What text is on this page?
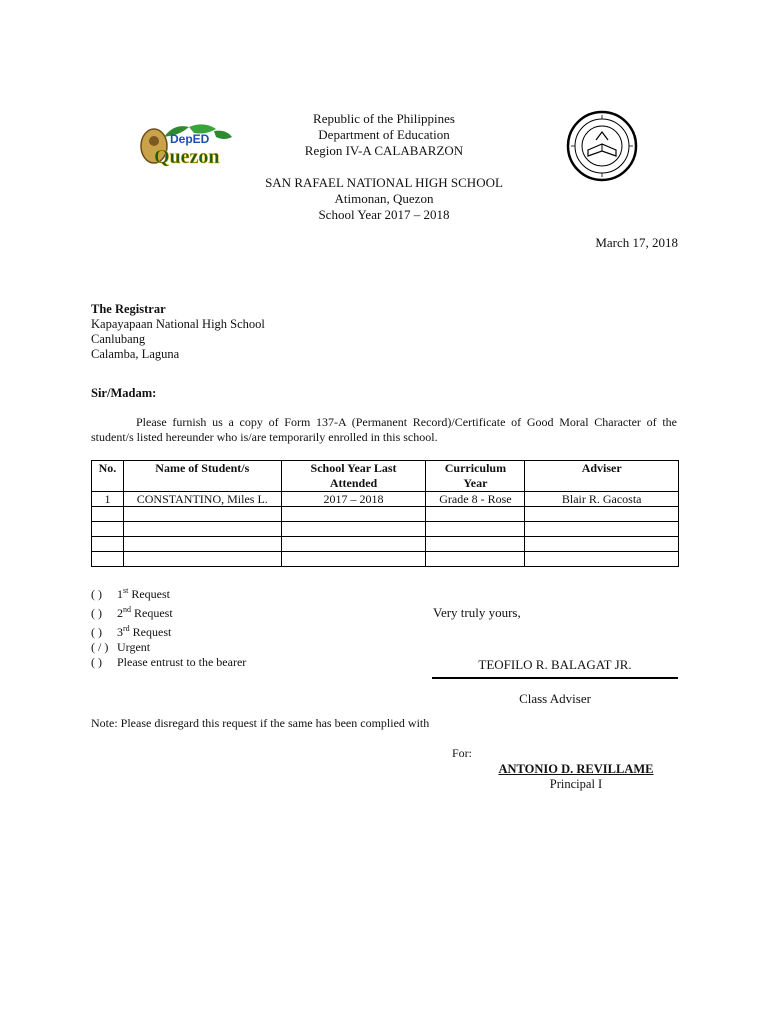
DepED
Quezon
Republic of the Philippines
Department of Education
Region IV-A CALABARZON
SAN RAFAEL NATIONAL HIGH SCHOOL
Atimonan, Quezon
School Year 2017 – 2018
March 17, 2018
The Registrar
Kapayapaan National High School
Canlubang
Calamba, Laguna
Sir/Madam:
Please furnish us a copy of Form 137-A (Permanent Record)/Certificate of Good Moral Character of the student/s listed hereunder who is/are temporarily enrolled in this school.
No.	Name of Student/s	School Year Last Attended	Curriculum Year	Adviser
1	CONSTANTINO, Miles L.	2017 – 2018	Grade 8 - Rose	Blair R. Gacosta

( ) 1st Request
( ) 2nd Request
( ) 3rd Request
( / ) Urgent
( ) Please entrust to the bearer
Very truly yours,
TEOFILO R. BALAGAT JR.
Class Adviser
Note: Please disregard this request if the same has been complied with
For:
ANTONIO D. REVILLAME
Principal I
